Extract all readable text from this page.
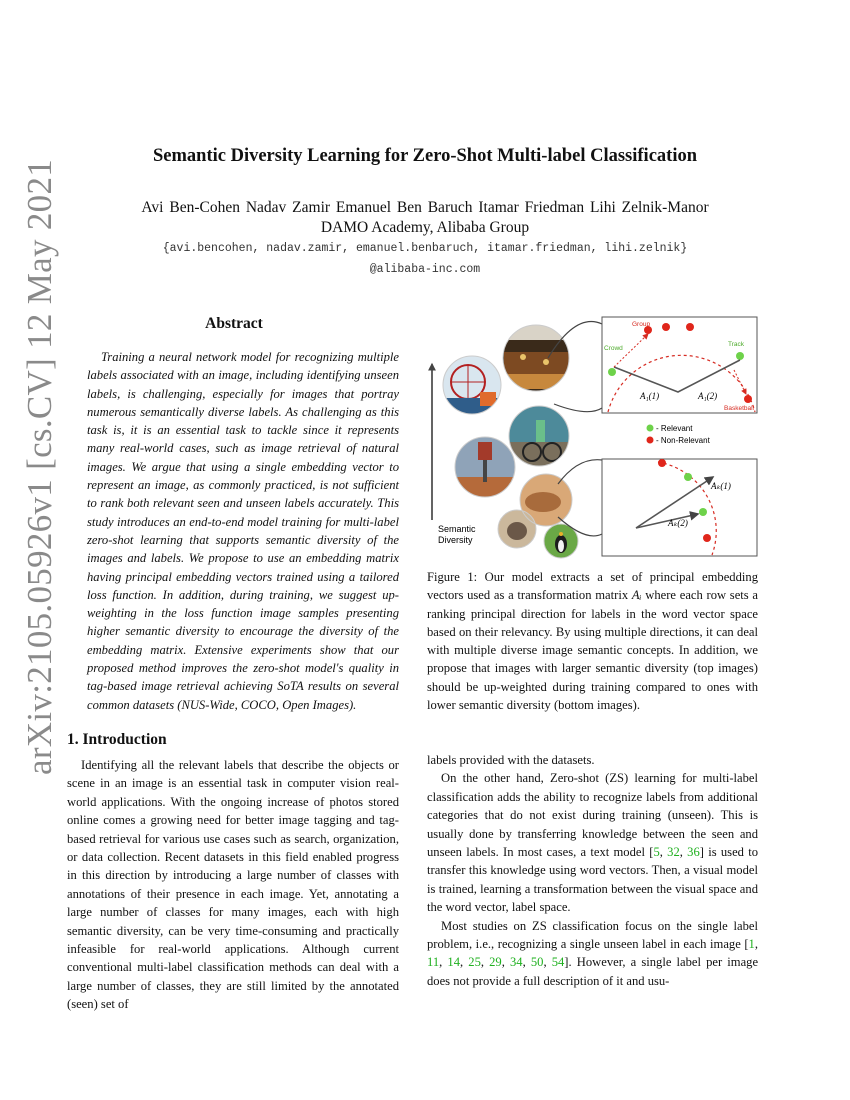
arXiv:2105.05926v1 [cs.CV] 12 May 2021
Semantic Diversity Learning for Zero-Shot Multi-label Classification
Avi Ben-Cohen Nadav Zamir Emanuel Ben Baruch Itamar Friedman Lihi Zelnik-Manor
DAMO Academy, Alibaba Group
{avi.bencohen, nadav.zamir, emanuel.benbaruch, itamar.friedman, lihi.zelnik}
@alibaba-inc.com
Abstract
Training a neural network model for recognizing multiple labels associated with an image, including identifying unseen labels, is challenging, especially for images that portray numerous semantically diverse labels. As challenging as this task is, it is an essential task to tackle since it represents many real-world cases, such as image retrieval of natural images. We argue that using a single embedding vector to represent an image, as commonly practiced, is not sufficient to rank both relevant seen and unseen labels accurately. This study introduces an end-to-end model training for multi-label zero-shot learning that supports semantic diversity of the images and labels. We propose to use an embedding matrix having principal embedding vectors trained using a tailored loss function. In addition, during training, we suggest up-weighting in the loss function image samples presenting higher semantic diversity to encourage the diversity of the embedding matrix. Extensive experiments show that our proposed method improves the zero-shot model's quality in tag-based image retrieval achieving SoTA results on several common datasets (NUS-Wide, COCO, Open Images).
1. Introduction

Identifying all the relevant labels that describe the objects or scene in an image is an essential task in computer vision real-world applications. With the ongoing increase of photos stored online comes a growing need for better image tagging and tag-based retrieval for various use cases such as search, organization, or data collection. Recent datasets in this field enabled progress in this direction by introducing a large number of classes with annotations of their presence in each image. Yet, annotating a large number of classes for many images, each with high semantic diversity, can be very time-consuming and practically infeasible for real-world applications. Although current conventional multi-label classification methods can deal with a large number of classes, they are still limited by the annotated (seen) set of

Semantic
Diversity
Group
Crowd
Track
Basketball
A₁(1)	A₁(2)
- Relevant
- Non-Relevant
Aₖ(1)
Aₖ(2)
Figure 1: Our model extracts a set of principal embedding vectors used as a transformation matrix Aᵢ where each row sets a ranking principal direction for labels in the word vector space based on their relevancy. By using multiple directions, it can deal with multiple diverse image semantic concepts. In addition, we propose that images with larger semantic diversity (top images) should be up-weighted during training compared to ones with lower semantic diversity (bottom images).

labels provided with the datasets.

On the other hand, Zero-shot (ZS) learning for multi-label classification adds the ability to recognize labels from additional categories that do not exist during training (unseen). This is usually done by transferring knowledge between the seen and unseen labels. In most cases, a text model [5, 32, 36] is used to transfer this knowledge using word vectors. Then, a visual model is trained, learning a transformation between the visual space and the word vector, label space.

Most studies on ZS classification focus on the single label problem, i.e., recognizing a single unseen label in each image [1, 11, 14, 25, 29, 34, 50, 54]. However, a single label per image does not provide a full description of it and usu-
